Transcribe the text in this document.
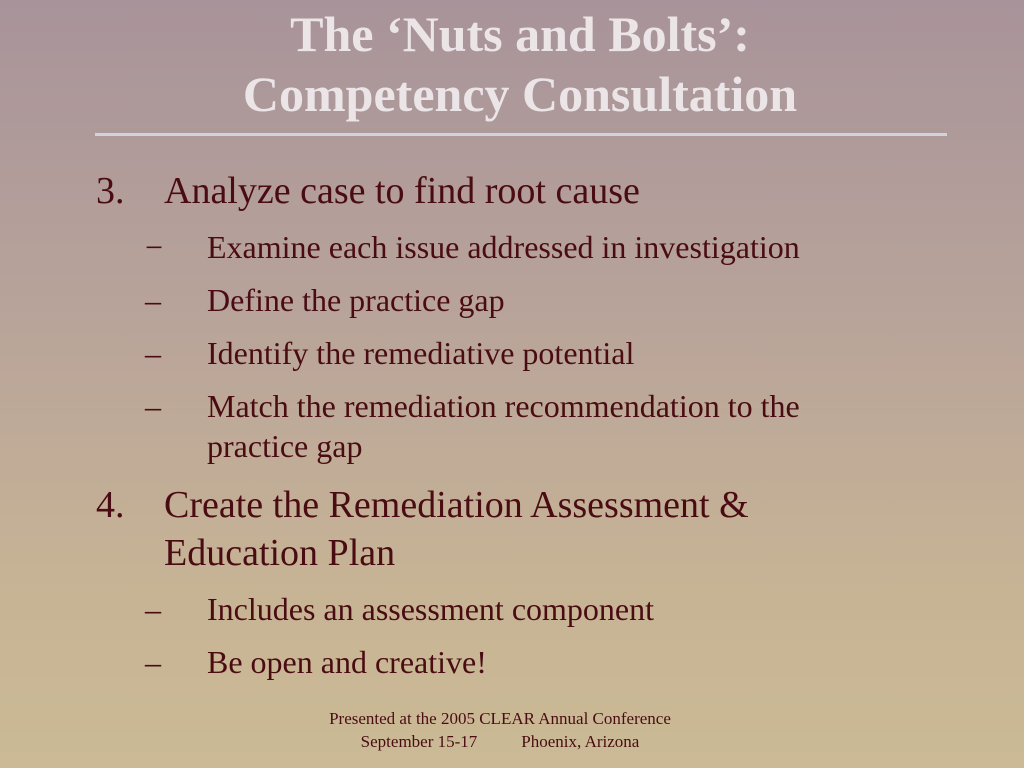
The ‘Nuts and Bolts’:
Competency Consultation
3. Analyze case to find root cause
− Examine each issue addressed in investigation
– Define the practice gap
– Identify the remediative potential
– Match the remediation recommendation to the
practice gap
4. Create the Remediation Assessment &
Education Plan
– Includes an assessment component
– Be open and creative!
Presented at the 2005 CLEAR Annual Conference
September 15-17	Phoenix, Arizona
